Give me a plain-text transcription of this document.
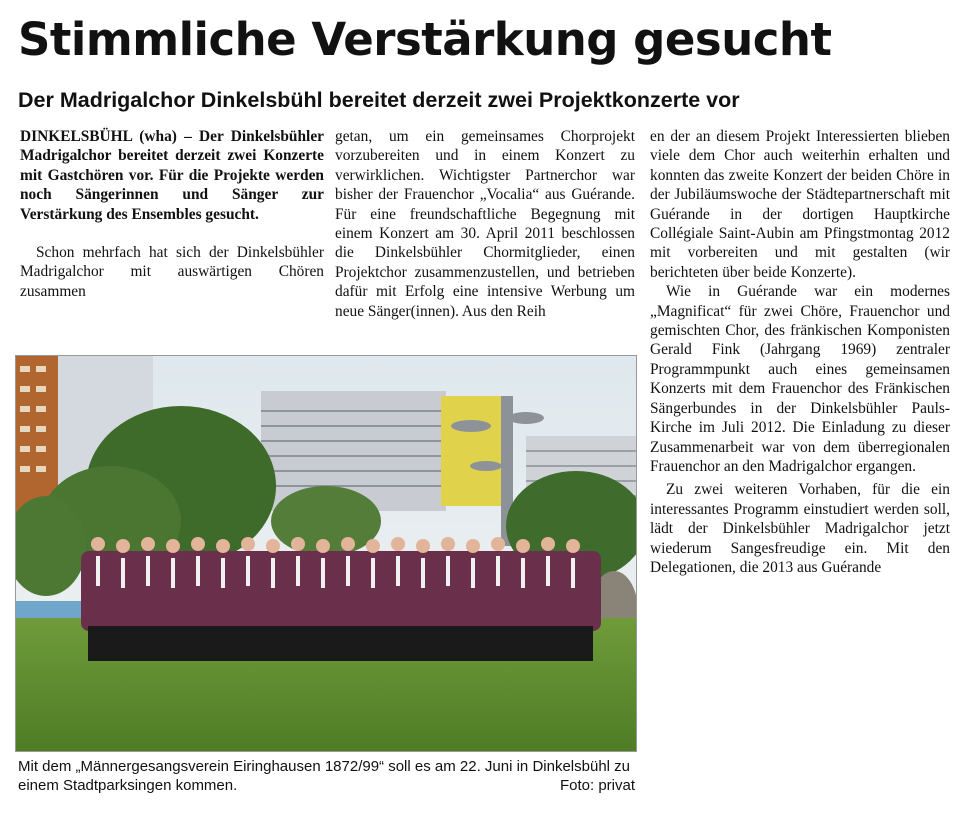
Stimmliche Verstärkung gesucht
Der Madrigalchor Dinkelsbühl bereitet derzeit zwei Projektkonzerte vor

DINKELSBÜHL (wha) – Der Dinkelsbühler Madrigalchor bereitet derzeit zwei Konzerte mit Gastchören vor. Für die Projekte werden noch Sängerinnen und Sänger zur Verstärkung des Ensembles gesucht.

Schon mehrfach hat sich der Dinkelsbühler Madrigalchor mit auswärtigen Chören zusammen

getan, um ein gemeinsames Chorprojekt vorzubereiten und in einem Konzert zu verwirklichen. Wichtigster Partnerchor war bisher der Frauenchor „Vocalia“ aus Guérande. Für eine freundschaftliche Begegnung mit einem Konzert am 30. April 2011 beschlossen die Dinkelsbühler Chormitglieder, einen Projektchor zusammenzustellen, und betrieben dafür mit Erfolg eine intensive Werbung um neue Sänger(innen). Aus den Reih

en der an diesem Projekt Interessierten blieben viele dem Chor auch weiterhin erhalten und konnten das zweite Konzert der beiden Chöre in der Jubiläumswoche der Städtepartnerschaft mit Guérande in der dortigen Hauptkirche Collégiale Saint-Aubin am Pfingstmontag 2012 mit vorbereiten und mit gestalten (wir berichteten über beide Konzerte).

Wie in Guérande war ein modernes „Magnificat“ für zwei Chöre, Frauenchor und gemischten Chor, des fränkischen Komponisten Gerald Fink (Jahrgang 1969) zentraler Programmpunkt auch eines gemeinsamen Konzerts mit dem Frauenchor des Fränkischen Sängerbundes in der Dinkelsbühler Pauls-Kirche im Juli 2012. Die Einladung zu dieser Zusammenarbeit war von dem überregionalen Frauenchor an den Madrigalchor ergangen.

Zu zwei weiteren Vorhaben, für die ein interessantes Programm einstudiert werden soll, lädt der Dinkelsbühler Madrigalchor jetzt wiederum Sangesfreudige ein. Mit den Delegationen, die 2013 aus Guérande

Mit dem „Männergesangsverein Eiringhausen 1872/99“ soll es am 22. Juni in Dinkelsbühl zu einem Stadtparksingen kommen.	Foto: privat
